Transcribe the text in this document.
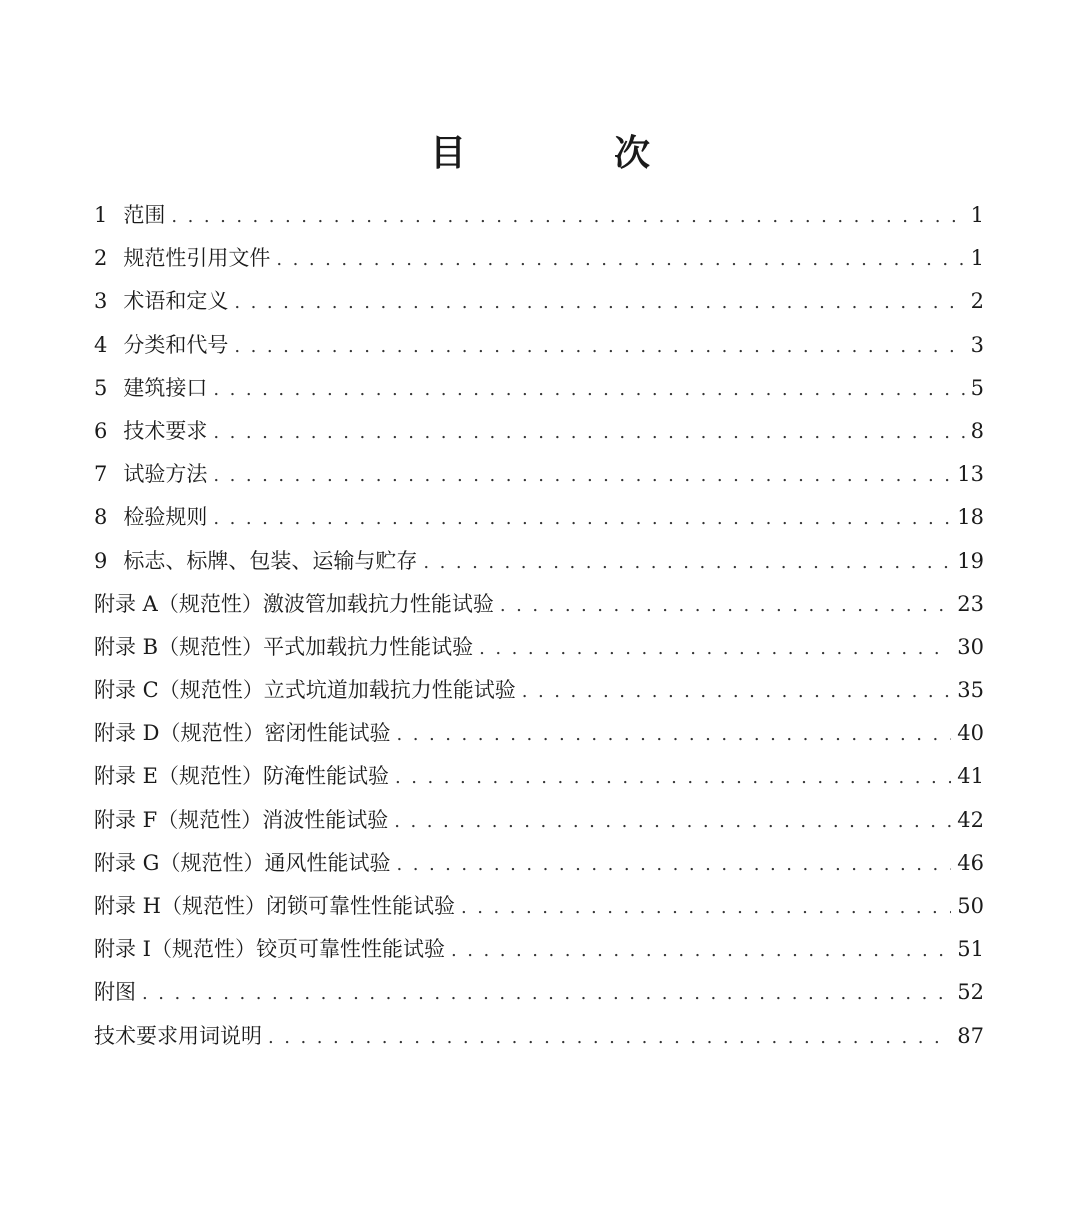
目　次
1 范围 . . .	1
2 规范性引用文件 . . .	1
3 术语和定义 . . .	2
4 分类和代号 . . .	3
5 建筑接口 . . .	5
6 技术要求 . . .	8
7 试验方法 . . .	13
8 检验规则 . . .	18
9 标志、标牌、包装、运输与贮存 . . .	19
附录 A （规范性） 激波管加载抗力性能试验 . . .	23
附录 B （规范性） 平式加载抗力性能试验 . . .	30
附录 C （规范性） 立式坑道加载抗力性能试验 . . .	35
附录 D （规范性） 密闭性能试验 . . .	40
附录 E （规范性） 防淹性能试验 . . .	41
附录 F （规范性） 消波性能试验 . . .	42
附录 G （规范性） 通风性能试验 . . .	46
附录 H （规范性） 闭锁可靠性性能试验 . . .	50
附录 I （规范性） 铰页可靠性性能试验 . . .	51
附图 . . .	52
技术要求用词说明 . . .	87
